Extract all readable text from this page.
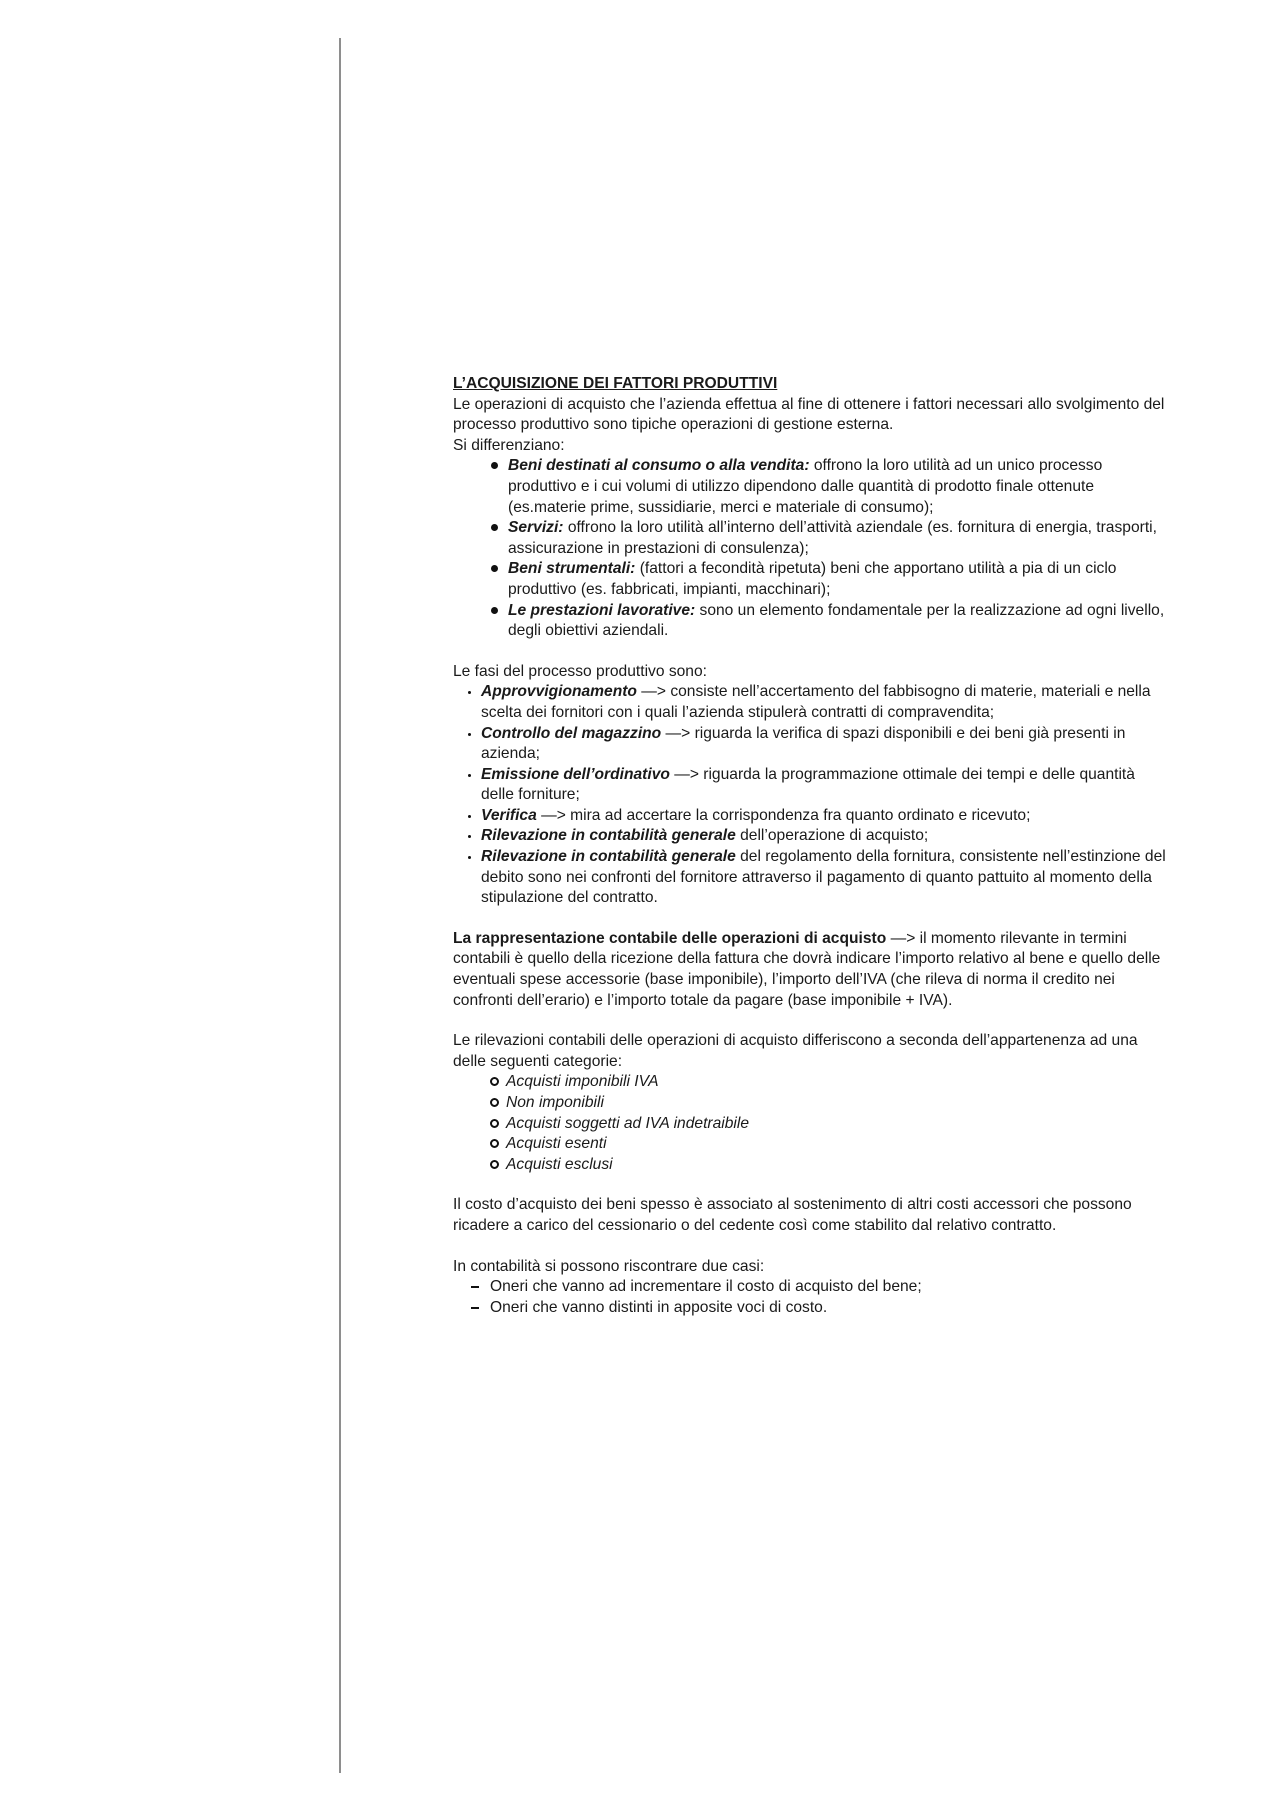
L’ACQUISIZIONE DEI FATTORI PRODUTTIVI
Le operazioni di acquisto che l’azienda effettua al fine di ottenere i fattori necessari allo svolgimento del processo produttivo sono tipiche operazioni di gestione esterna.
Si differenziano:
Beni destinati al consumo o alla vendita: offrono la loro utilità ad un unico processo produttivo e i cui volumi di utilizzo dipendono dalle quantità di prodotto finale ottenute (es.materie prime, sussidiarie, merci e materiale di consumo);
Servizi: offrono la loro utilità all’interno dell’attività aziendale (es. fornitura di energia, trasporti, assicurazione in prestazioni di consulenza);
Beni strumentali: (fattori a fecondità ripetuta) beni che apportano utilità a pia di un ciclo produttivo (es. fabbricati, impianti, macchinari);
Le prestazioni lavorative: sono un elemento fondamentale per la realizzazione ad ogni livello, degli obiettivi aziendali.
Le fasi del processo produttivo sono:
Approvvigionamento —> consiste nell’accertamento del fabbisogno di materie, materiali e nella scelta dei fornitori con i quali l’azienda stipulerà contratti di compravendita;
Controllo del magazzino —> riguarda la verifica di spazi disponibili e dei beni già presenti in azienda;
Emissione dell’ordinativo —> riguarda la programmazione ottimale dei tempi e delle quantità delle forniture;
Verifica —> mira ad accertare la corrispondenza fra quanto ordinato e ricevuto;
Rilevazione in contabilità generale dell’operazione di acquisto;
Rilevazione in contabilità generale del regolamento della fornitura, consistente nell’estinzione del debito sono nei confronti del fornitore attraverso il pagamento di quanto pattuito al momento della stipulazione del contratto.
La rappresentazione contabile delle operazioni di acquisto —> il momento rilevante in termini contabili è quello della ricezione della fattura che dovrà indicare l’importo relativo al bene e quello delle eventuali spese accessorie (base imponibile), l’importo dell’IVA (che rileva di norma il credito nei confronti dell’erario) e l’importo totale da pagare (base imponibile + IVA).
Le rilevazioni contabili delle operazioni di acquisto differiscono a seconda dell’appartenenza ad una delle seguenti categorie:
Acquisti imponibili IVA
Non imponibili
Acquisti soggetti ad IVA indetraibile
Acquisti esenti
Acquisti esclusi
Il costo d’acquisto dei beni spesso è associato al sostenimento di altri costi accessori che possono ricadere a carico del cessionario o del cedente così come stabilito dal relativo contratto.
In contabilità si possono riscontrare due casi:
Oneri che vanno ad incrementare il costo di acquisto del bene;
Oneri che vanno distinti in apposite voci di costo.
